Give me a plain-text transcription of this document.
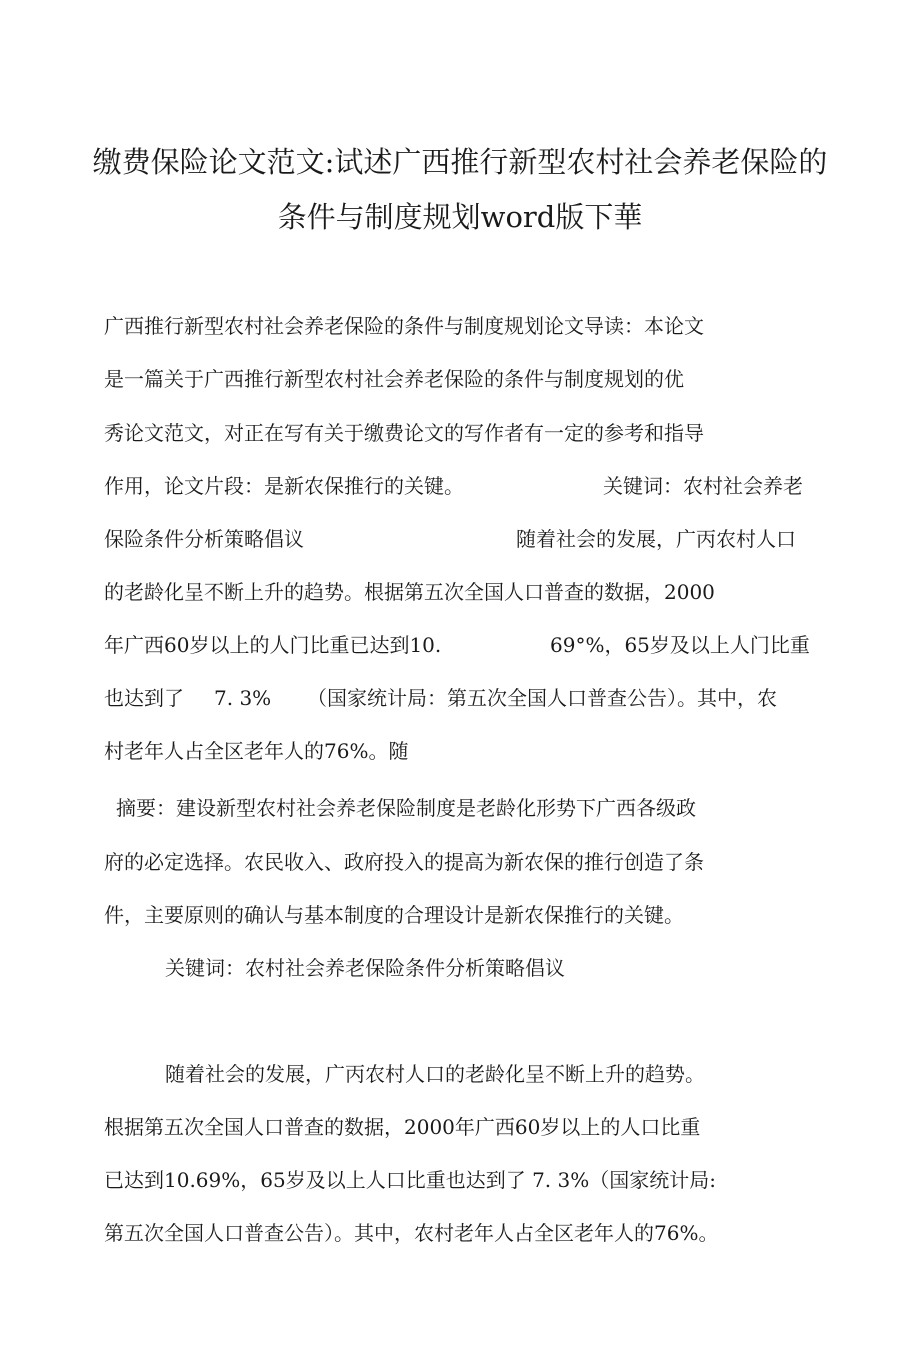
缴费保险论文范文:试述广西推行新型农村社会养老保险的
条件与制度规划word版下華
广西推行新型农村社会养老保险的条件与制度规划论文导读：本论文
是一篇关于广西推行新型农村社会养老保险的条件与制度规划的优
秀论文范文，对正在写有关于缴费论文的写作者有一定的参考和指导
作用，论文片段：是新农保推行的关键。	关键词：农村社会养老
保险条件分析策略倡议	随着社会的发展，广丙农村人口
的老龄化呈不断上升的趋势。根据第五次全国人口普查的数据，2000
年广西60岁以上的人门比重已达到10.	69°%，65岁及以上人门比重
也达到了 7. 3% （国家统计局：第五次全国人口普查公告）。其中，农
村老年人占全区老年人的76%。随
摘要：建设新型农村社会养老保险制度是老龄化形势下广西各级政
府的必定选择。农民收入、政府投入的提高为新农保的推行创造了条
件，主要原则的确认与基本制度的合理设计是新农保推行的关键。
关键词：农村社会养老保险条件分析策略倡议
随着社会的发展，广丙农村人口的老龄化呈不断上升的趋势。
根据第五次全国人口普查的数据，2000年广西60岁以上的人口比重
已达到10.69%，65岁及以上人口比重也达到了 7. 3%（国家统计局:
第五次全国人口普查公告）。其中，农村老年人占全区老年人的76%。
